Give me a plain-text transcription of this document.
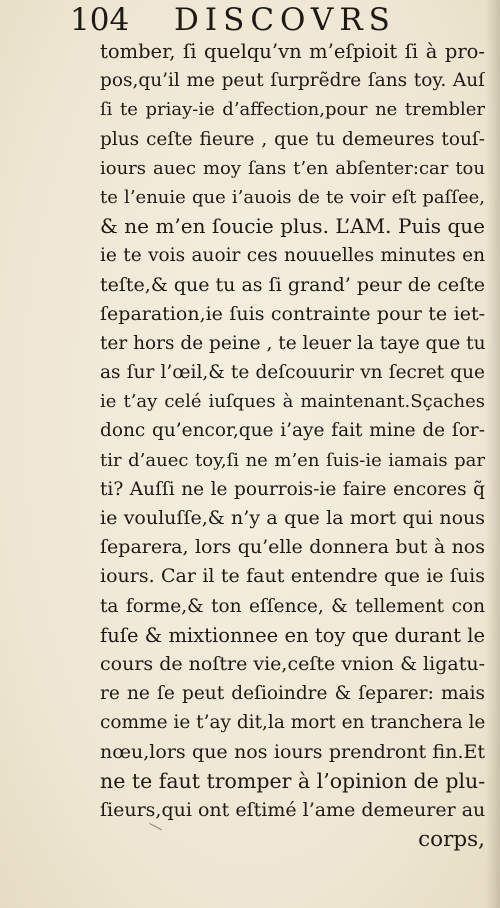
104 DISCOVRS
tomber, ſi quelqu’vn m’eſpioit ſi à pro-
pos,qu’il me peut ſurprẽdre ſans toy. Auſ
ſi te priay-ie d’affection,pour ne trembler
plus ceſte fieure , que tu demeures touſ-
iours auec moy ſans t’en abſenter:car tou
te l’enuie que i’auois de te voir eſt paſſee,
& ne m’en ſoucie plus. L’AM. Puis que
ie te vois auoir ces nouuelles minutes en
teſte,& que tu as ſi grand’ peur de ceſte
ſeparation,ie ſuis contrainte pour te iet-
ter hors de peine , te leuer la taye que tu
as ſur l’œil,& te deſcouurir vn ſecret que
ie t’ay celé iuſques à maintenant.Sçaches
donc qu’encor,que i’aye fait mine de ſor-
tir d’auec toy,ſi ne m’en ſuis-ie iamais par
ti? Auſſi ne le pourrois-ie faire encores q̃
ie vouluſſe,& n’y a que la mort qui nous
ſeparera, lors qu’elle donnera but à nos
iours. Car il te faut entendre que ie ſuis
ta forme,& ton eſſence, & tellement con
fuſe & mixtionnee en toy que durant le
cours de noſtre vie,ceſte vnion & ligatu-
re ne ſe peut deſioindre & ſeparer: mais
comme ie t’ay dit,la mort en tranchera le
nœu,lors que nos iours prendront fin.Et
ne te faut tromper à l’opinion de plu-
ſieurs,qui ont eſtimé l’ame demeurer au
corps,
